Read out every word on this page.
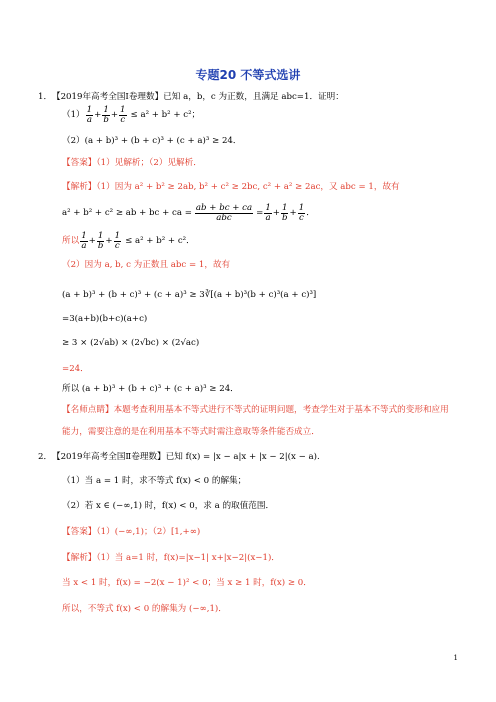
专题20 不等式选讲
1． 【2019年高考全国Ⅰ卷理数】已知 a，b，c 为正数，且满足 abc=1．证明：
$(1) \frac{1}{a} + \frac{1}{b} + \frac{1}{c} \le a^2 + b^2 + c^2$；
（2）(a + b)³ + (b + c)³ + (c + a)³ ≥ 24．
【答案】（1）见解析；（2）见解析．
【解析】（1）因为 a² + b² ≥ 2ab, b² + c² ≥ 2bc, c² + a² ≥ 2ac，又 abc = 1，故有
a² + b² + c² ≥ ab + bc + ca = $\frac{ab + bc + ca}{\text{abc}} = \frac{1}{a} + \frac{1}{b} + \frac{1}{c}$ ．
所以 $\frac{1}{a} + \frac{1}{b} + \frac{1}{c} \le a^2 + b^2 + c^2$．
（2）因为 a, b, c 为正数且 abc = 1，故有
(a + b)³ + (b + c)³ + (c + a)³ ≥ 3∛[(a + b)³(b + c)³(a + c)³]
=3(a+b)(b+c)(a+c)
≥ 3 × (2√ab) × (2√bc) × (2√ac)
=24．
所以 (a + b)³ + (b + c)³ + (c + a)³ ≥ 24．
【名师点睛】本题考查利用基本不等式进行不等式的证明问题，考查学生对于基本不等式的变形和应用
能力，需要注意的是在利用基本不等式时需注意取等条件能否成立．
2． 【2019年高考全国Ⅱ卷理数】已知 f(x) = |x − a|x + |x − 2|(x − a).
（1）当 a = 1 时，求不等式 f(x) < 0 的解集；
（2）若 x ∈ (−∞,1) 时，f(x) < 0，求 a 的取值范围．
【答案】（1）(−∞,1)；（2）[1,+∞)
【解析】（1）当 a=1 时，f(x)=|x−1| x+|x−2|(x−1)．
当 x < 1 时，f(x) = −2(x − 1)² < 0；当 x ≥ 1 时，f(x) ≥ 0．
所以，不等式 f(x) < 0 的解集为 (−∞,1)．
1
